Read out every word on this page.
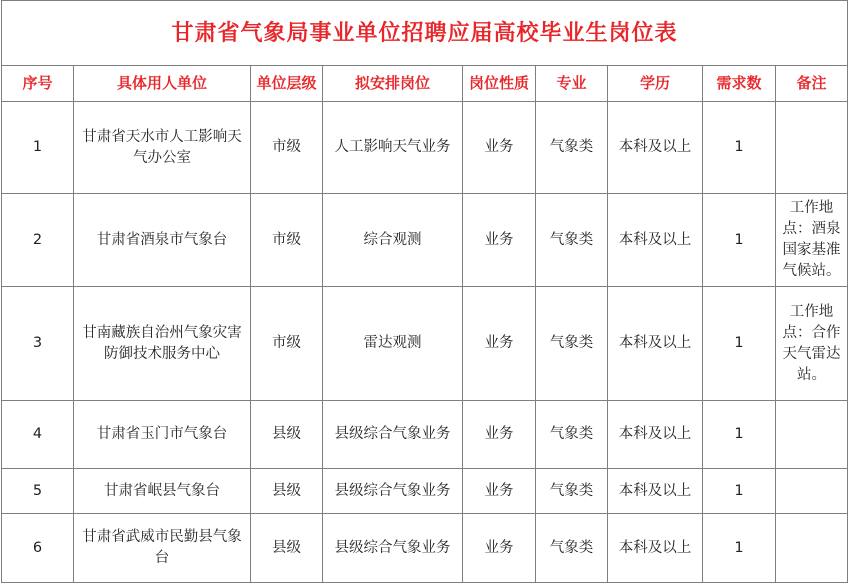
甘肃省气象局事业单位招聘应届高校毕业生岗位表								
序号	具体用人单位	单位层级	拟安排岗位	岗位性质	专业	学历	需求数	备注
1	甘肃省天水市人工影响天气办公室	市级	人工影响天气业务	业务	气象类	本科及以上	1	
2	甘肃省酒泉市气象台	市级	综合观测	业务	气象类	本科及以上	1	工作地点：酒泉国家基准气候站。
3	甘南藏族自治州气象灾害防御技术服务中心	市级	雷达观测	业务	气象类	本科及以上	1	工作地点：合作天气雷达站。
4	甘肃省玉门市气象台	县级	县级综合气象业务	业务	气象类	本科及以上	1	
5	甘肃省岷县气象台	县级	县级综合气象业务	业务	气象类	本科及以上	1	
6	甘肃省武威市民勤县气象台	县级	县级综合气象业务	业务	气象类	本科及以上	1	
